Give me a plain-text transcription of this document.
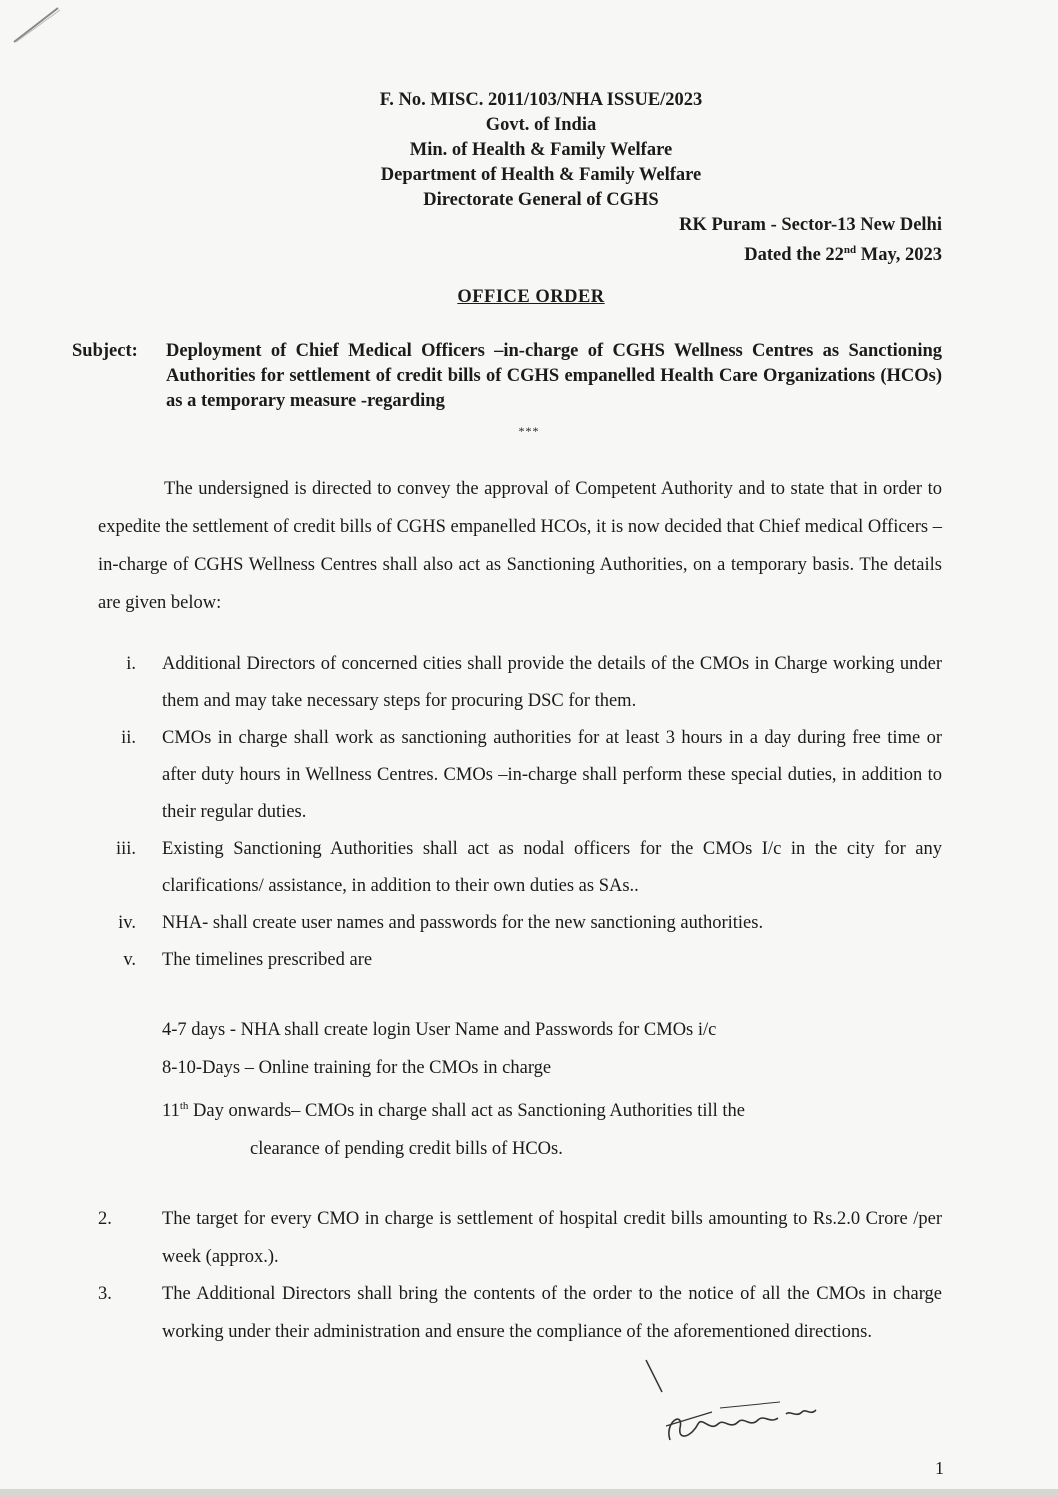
F. No. MISC. 2011/103/NHA ISSUE/2023
Govt. of India
Min. of Health & Family Welfare
Department of Health & Family Welfare
Directorate General of CGHS
RK Puram - Sector-13 New Delhi
Dated the 22nd May, 2023
OFFICE ORDER
Subject: Deployment of Chief Medical Officers –in-charge of CGHS Wellness Centres as Sanctioning Authorities for settlement of credit bills of CGHS empanelled Health Care Organizations (HCOs) as a temporary measure -regarding
***
The undersigned is directed to convey the approval of Competent Authority and to state that in order to expedite the settlement of credit bills of CGHS empanelled HCOs, it is now decided that Chief medical Officers –in-charge of CGHS Wellness Centres shall also act as Sanctioning Authorities, on a temporary basis. The details are given below:
i. Additional Directors of concerned cities shall provide the details of the CMOs in Charge working under them and may take necessary steps for procuring DSC for them.
ii. CMOs in charge shall work as sanctioning authorities for at least 3 hours in a day during free time or after duty hours in Wellness Centres. CMOs –in-charge shall perform these special duties, in addition to their regular duties.
iii. Existing Sanctioning Authorities shall act as nodal officers for the CMOs I/c in the city for any clarifications/ assistance, in addition to their own duties as SAs..
iv. NHA- shall create user names and passwords for the new sanctioning authorities.
v. The timelines prescribed are
4-7 days - NHA shall create login User Name and Passwords for CMOs i/c
8-10-Days – Online training for the CMOs in charge
11th Day onwards– CMOs in charge shall act as Sanctioning Authorities till the
clearance of pending credit bills of HCOs.
2.	The target for every CMO in charge is settlement of hospital credit bills amounting to Rs.2.0 Crore /per week (approx.).
3.	The Additional Directors shall bring the contents of the order to the notice of all the CMOs in charge working under their administration and ensure the compliance of the aforementioned directions.
1
